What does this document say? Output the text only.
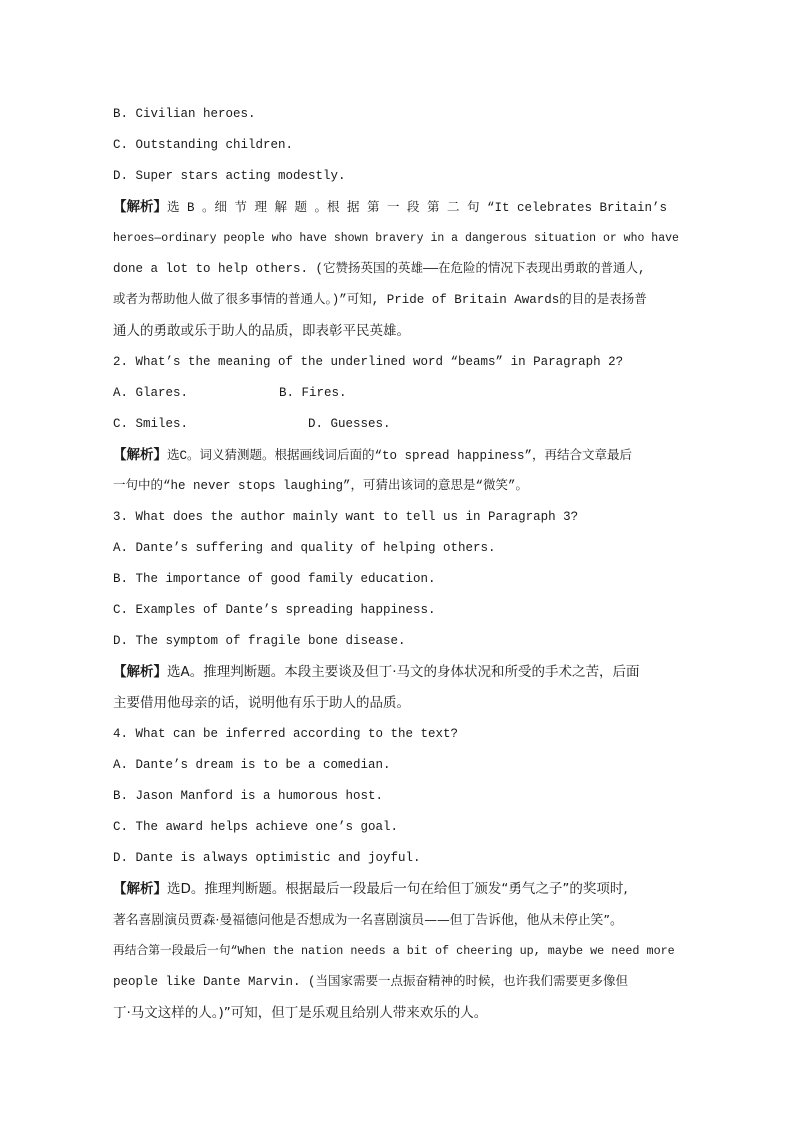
B. Civilian heroes.
C. Outstanding children.
D. Super stars acting modestly.
【解析】选 B 。细 节 理 解 题 。根 据 第 一 段 第 二 句 “It celebrates Britain’s
heroes—ordinary people who have shown bravery in a dangerous situation or who have
done a lot to help others. (它赞扬英国的英雄——在危险的情况下表现出勇敢的普通人,
或者为帮助他人做了很多事情的普通人。)”可知, Pride of Britain Awards的目的是表扬普
通人的勇敢或乐于助人的品质，即表彰平民英雄。
2. What’s the meaning of the underlined word “beams” in Paragraph 2?
A. Glares.	B. Fires.
C. Smiles.	D. Guesses.
【解析】选C。词义猜测题。根据画线词后面的“to spread happiness”，再结合文章最后
一句中的“he never stops laughing”，可猜出该词的意思是“微笑”。
3. What does the author mainly want to tell us in Paragraph 3?
A. Dante’s suffering and quality of helping others.
B. The importance of good family education.
C. Examples of Dante’s spreading happiness.
D. The symptom of fragile bone disease.
【解析】选A。推理判断题。本段主要谈及但丁·马文的身体状况和所受的手术之苦，后面
主要借用他母亲的话，说明他有乐于助人的品质。
4. What can be inferred according to the text?
A. Dante’s dream is to be a comedian.
B. Jason Manford is a humorous host.
C. The award helps achieve one’s goal.
D. Dante is always optimistic and joyful.
【解析】选D。推理判断题。根据最后一段最后一句在给但丁颁发“勇气之子”的奖项时,
著名喜剧演员贾森·曼福德问他是否想成为一名喜剧演员——但丁告诉他，他从未停止笑”。
再结合第一段最后一句“When the nation needs a bit of cheering up, maybe we need more
people like Dante Marvin. (当国家需要一点振奋精神的时候，也许我们需要更多像但
丁·马文这样的人。)”可知，但丁是乐观且给别人带来欢乐的人。
